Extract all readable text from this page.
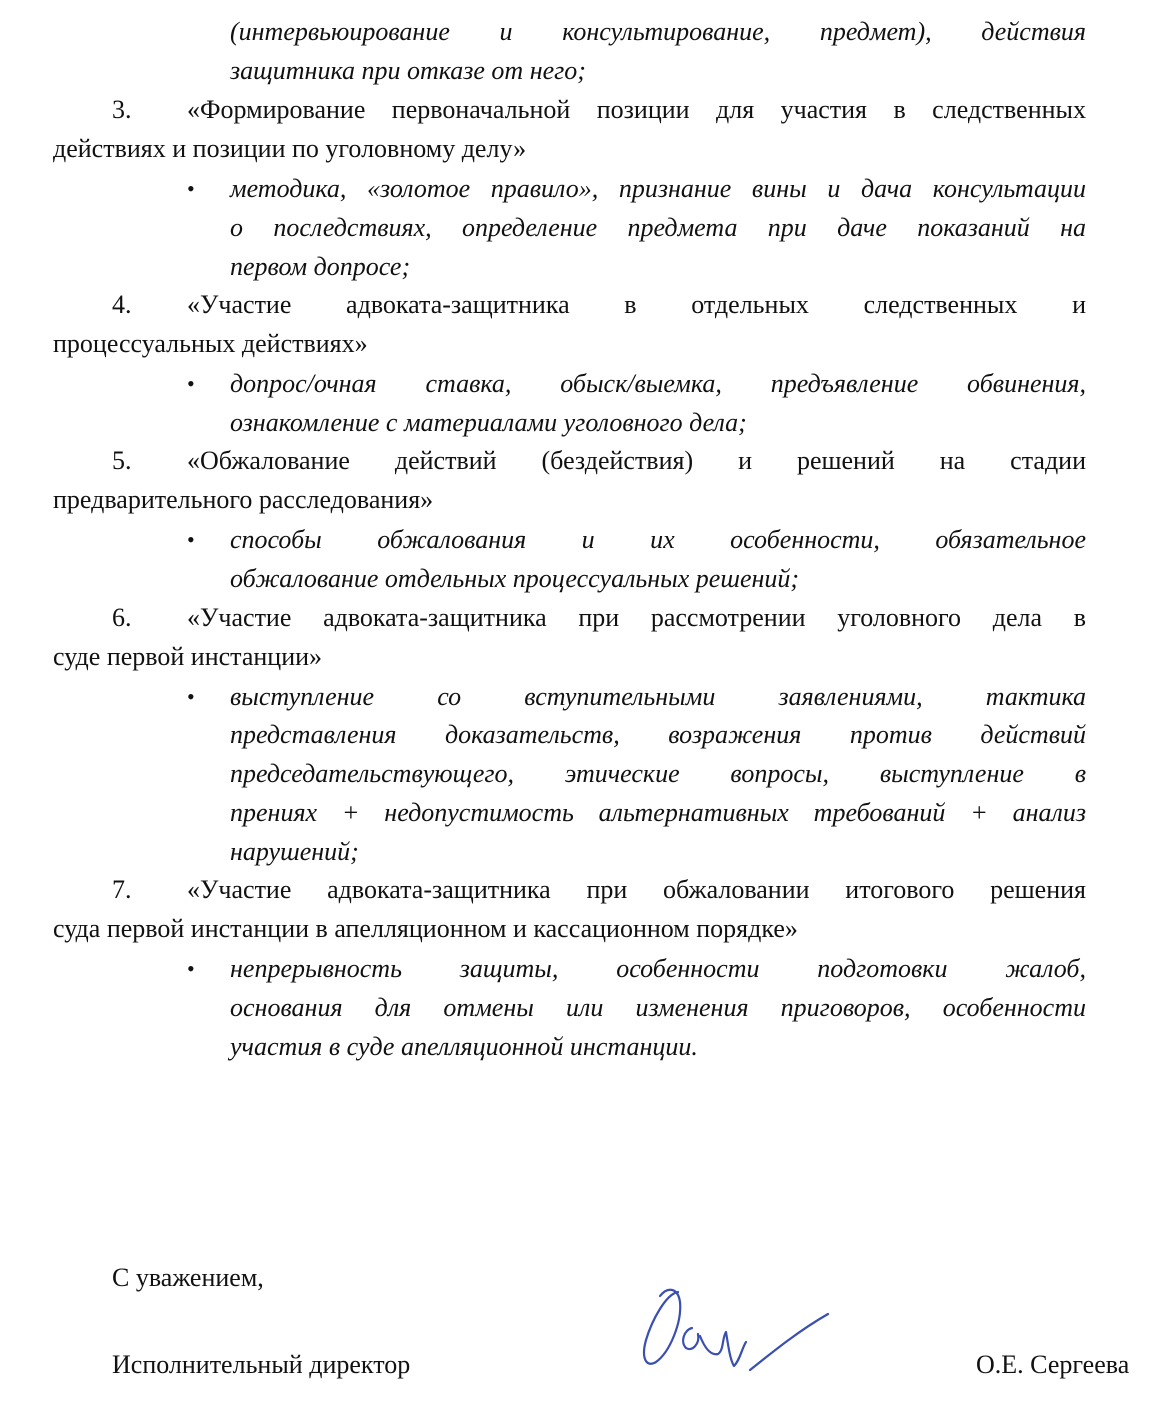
(интервьюирование и консультирование, предмет), действия
защитника при отказе от него;
3. «Формирование первоначальной позиции для участия в следственных
действиях и позиции по уголовному делу»
• методика, «золотое правило», признание вины и дача консультации
о последствиях, определение предмета при даче показаний на
первом допросе;
4. «Участие адвоката-защитника в отдельных следственных и
процессуальных действиях»
• допрос/очная ставка, обыск/выемка, предъявление обвинения,
ознакомление с материалами уголовного дела;
5. «Обжалование действий (бездействия) и решений на стадии
предварительного расследования»
• способы обжалования и их особенности, обязательное
обжалование отдельных процессуальных решений;
6. «Участие адвоката-защитника при рассмотрении уголовного дела в
суде первой инстанции»
• выступление со вступительными заявлениями, тактика
представления доказательств, возражения против действий
председательствующего, этические вопросы, выступление в
прениях + недопустимость альтернативных требований + анализ
нарушений;
7. «Участие адвоката-защитника при обжаловании итогового решения
суда первой инстанции в апелляционном и кассационном порядке»
• непрерывность защиты, особенности подготовки жалоб,
основания для отмены или изменения приговоров, особенности
участия в суде апелляционной инстанции.
С уважением,
Исполнительный директор	О.Е. Сергеева
